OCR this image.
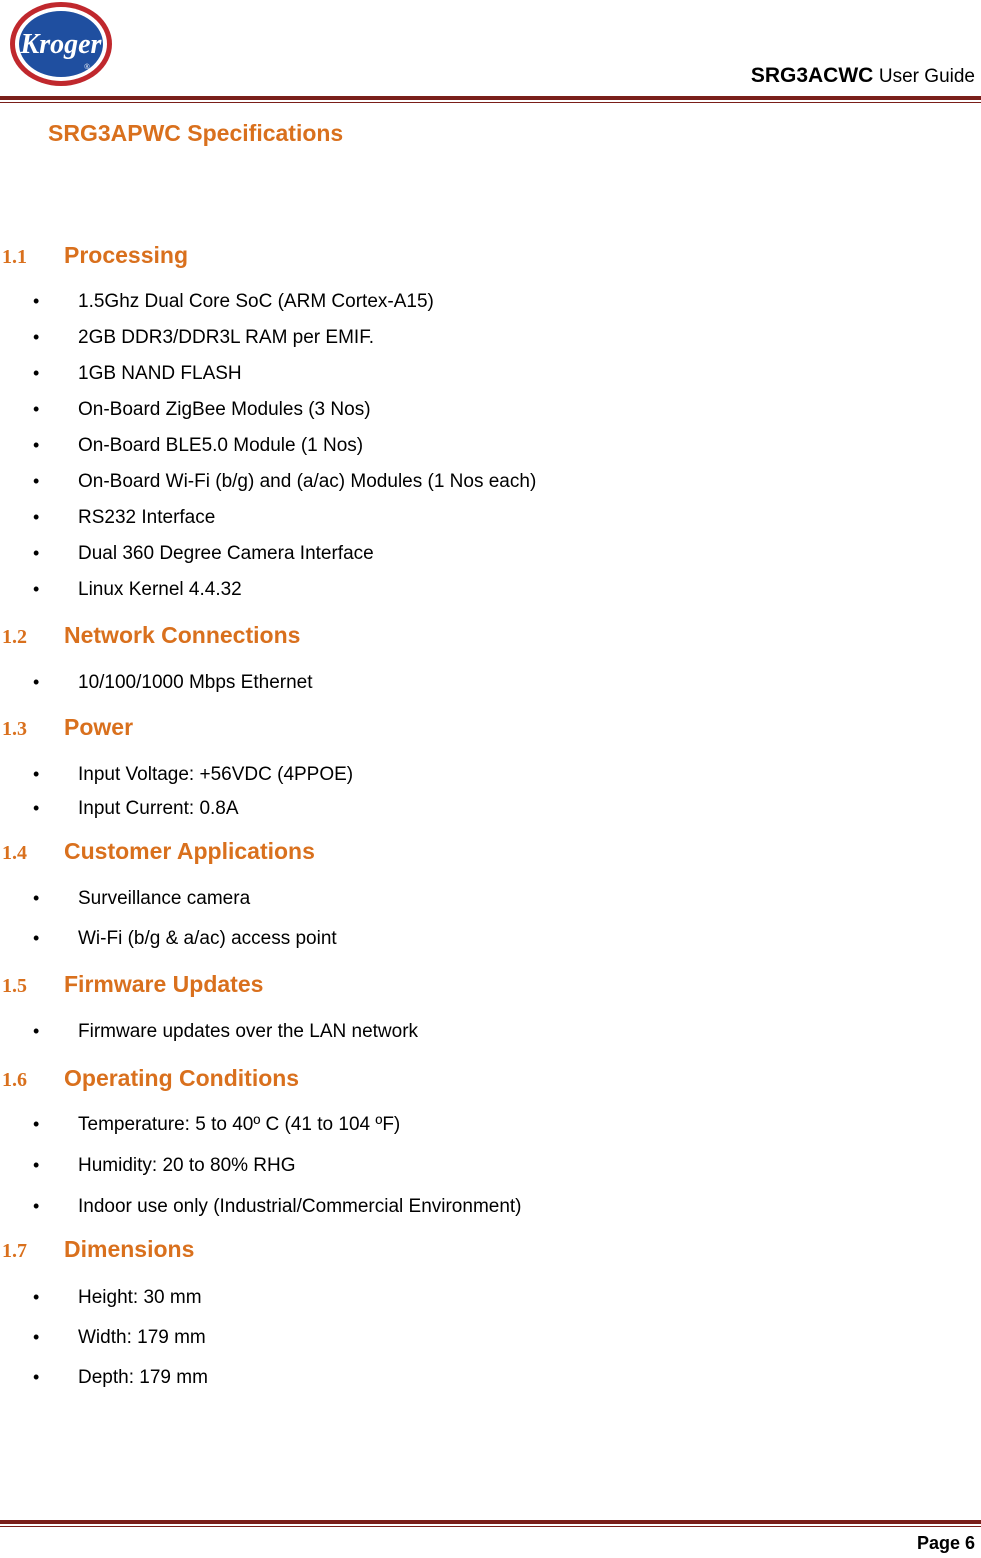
Kroger
®	SRG3ACWC User Guide
SRG3APWC Specifications
1.1 Processing
• 1.5Ghz Dual Core SoC (ARM Cortex-A15)
• 2GB DDR3/DDR3L RAM per EMIF.
• 1GB NAND FLASH
• On-Board ZigBee Modules (3 Nos)
• On-Board BLE5.0 Module (1 Nos)
• On-Board Wi-Fi (b/g) and (a/ac) Modules (1 Nos each)
• RS232 Interface
• Dual 360 Degree Camera Interface
• Linux Kernel 4.4.32
1.2 Network Connections
• 10/100/1000 Mbps Ethernet
1.3 Power
• Input Voltage: +56VDC (4PPOE)
• Input Current: 0.8A
1.4 Customer Applications
• Surveillance camera
• Wi-Fi (b/g & a/ac) access point
1.5 Firmware Updates
• Firmware updates over the LAN network
1.6 Operating Conditions
• Temperature: 5 to 40º C (41 to 104 ºF)
• Humidity: 20 to 80% RHG
• Indoor use only (Industrial/Commercial Environment)
1.7 Dimensions
• Height: 30 mm
• Width: 179 mm
• Depth: 179 mm
Page 6
